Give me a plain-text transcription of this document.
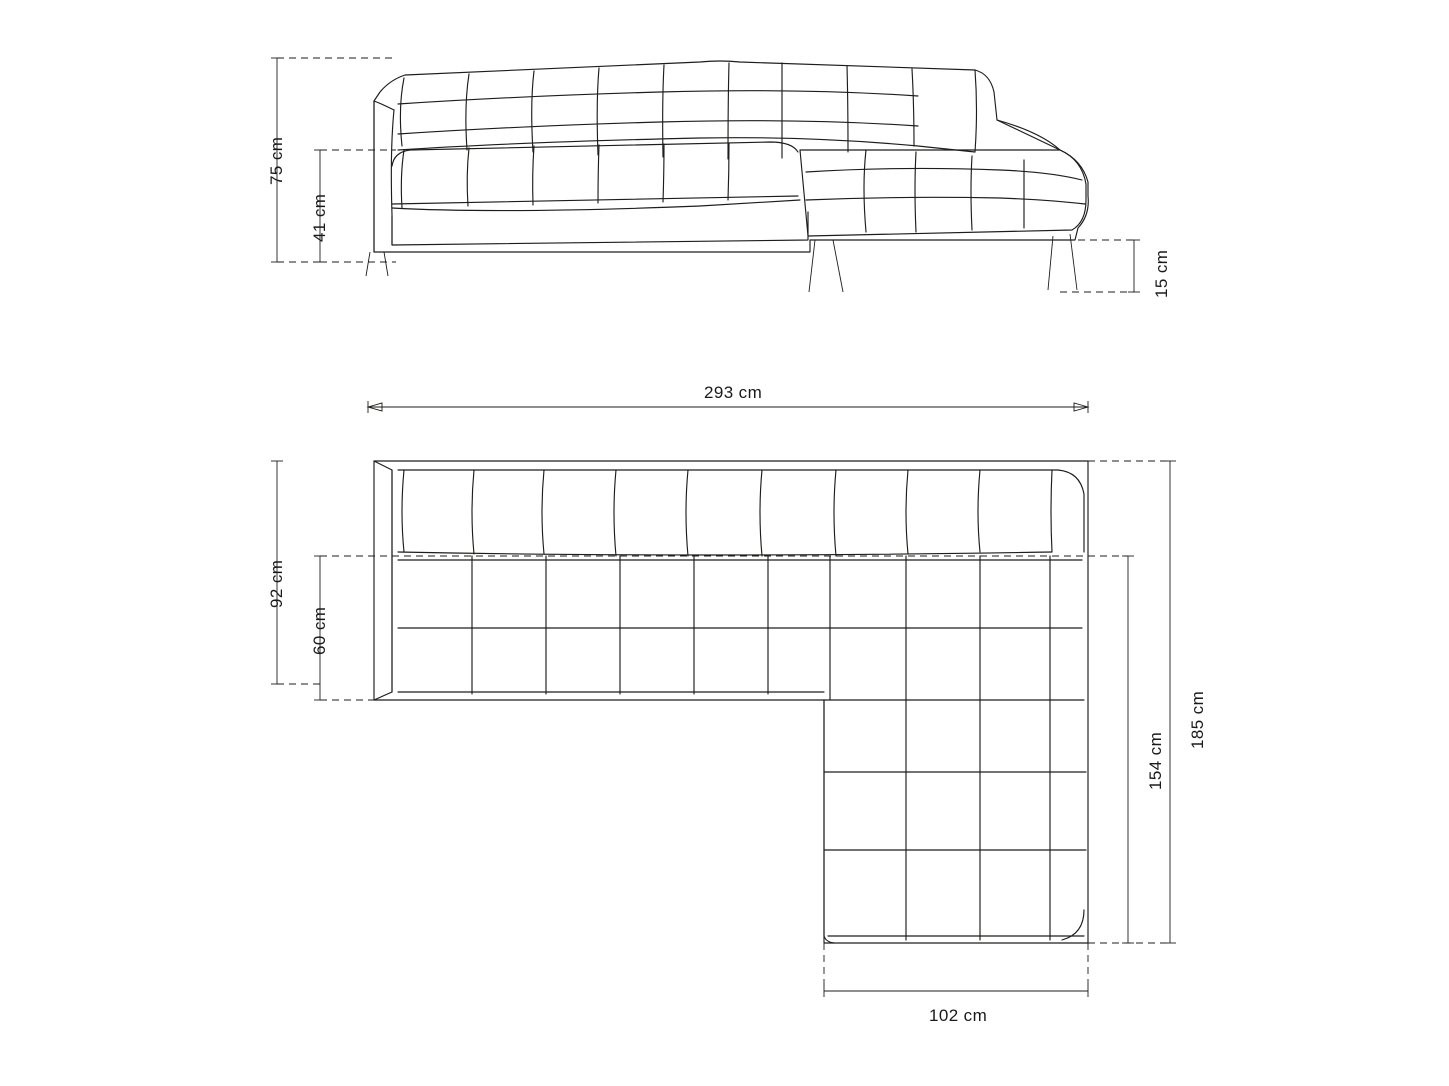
75 cm
41 cm
15 cm
293 cm
92 cm
60 cm
185 cm
154 cm
102 cm
